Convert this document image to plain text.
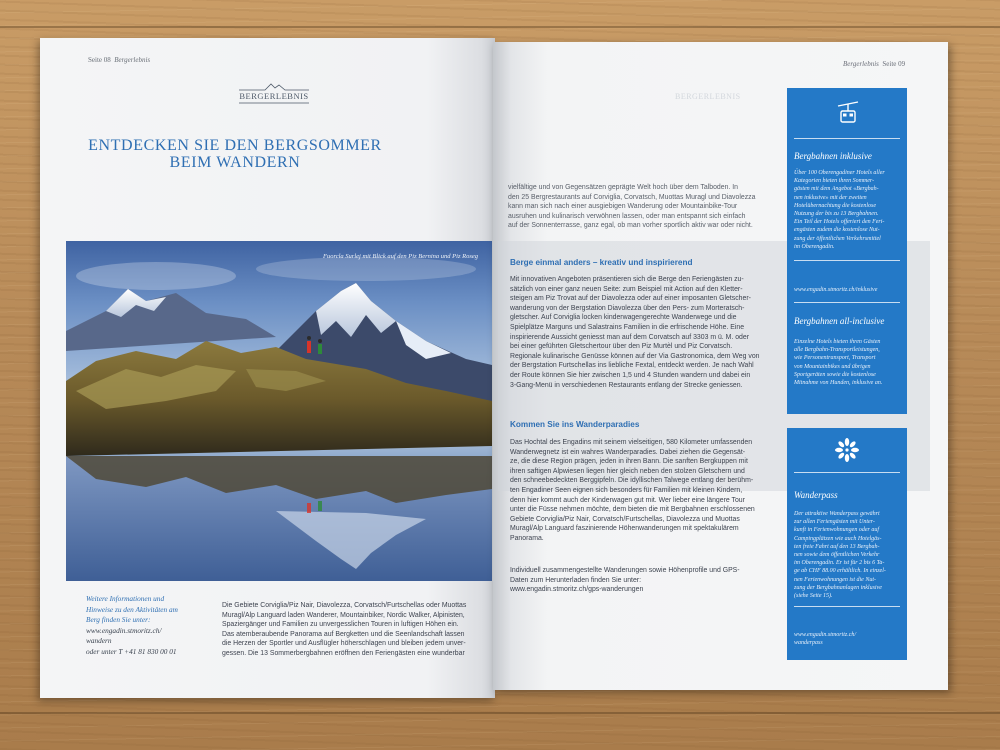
Seite 08 Bergerlebnis
BERGERLEBNIS
ENTDECKEN SIE DEN BERGSOMMER
BEIM WANDERN
Fuorcla Surlej mit Blick auf den Piz Bernina und Piz Roseg
Weitere Informationen und
Hinweise zu den Aktivitäten am
Berg finden Sie unter:
www.engadin.stmoritz.ch/
wandern
oder unter T +41 81 830 00 01
Die Gebiete Corviglia/Piz Nair, Diavolezza, Corvatsch/Furtschellas oder Muottas
Muragl/Alp Languard laden Wanderer, Mountainbiker, Nordic Walker, Alpinisten,
Spaziergänger und Familien zu unvergesslichen Touren in luftigen Höhen ein.
Das atemberaubende Panorama auf Bergketten und die Seenlandschaft lassen
die Herzen der Sportler und Ausflügler höherschlagen und bleiben jedem unver-
gessen. Die 13 Sommerbergbahnen eröffnen den Feriengästen eine wunderbar
Bergerlebnis Seite 09
BERGERLEBNIS
vielfältige und von Gegensätzen geprägte Welt hoch über dem Talboden. In
den 25 Bergrestaurants auf Corviglia, Corvatsch, Muottas Muragl und Diavolezza
kann man sich nach einer ausgiebigen Wanderung oder Mountainbike-Tour
ausruhen und kulinarisch verwöhnen lassen, oder man entspannt sich einfach
auf der Sonnenterrasse, ganz egal, ob man vorher sportlich aktiv war oder nicht.
Berge einmal anders – kreativ und inspirierend
Mit innovativen Angeboten präsentieren sich die Berge den Feriengästen zu-
sätzlich von einer ganz neuen Seite: zum Beispiel mit Action auf den Kletter-
steigen am Piz Trovat auf der Diavolezza oder auf einer imposanten Gletscher-
wanderung von der Bergstation Diavolezza über den Pers- zum Morteratsch-
gletscher. Auf Corviglia locken kinderwagengerechte Wanderwege und die
Spielplätze Marguns und Salastrains Familien in die erfrischende Höhe. Eine
inspirierende Aussicht geniesst man auf dem Corvatsch auf 3303 m ü. M. oder
bei einer geführten Gletschertour über den Piz Murtèl und Piz Corvatsch.
Regionale kulinarische Genüsse können auf der Via Gastronomica, dem Weg von
der Bergstation Furtschellas ins liebliche Fextal, entdeckt werden. Je nach Wahl
der Route können Sie hier zwischen 1,5 und 4 Stunden wandern und dabei ein
3-Gang-Menü in verschiedenen Restaurants entlang der Strecke geniessen.
Kommen Sie ins Wanderparadies
Das Hochtal des Engadins mit seinem vielseitigen, 580 Kilometer umfassenden
Wanderwegnetz ist ein wahres Wanderparadies. Dabei ziehen die Gegensät-
ze, die diese Region prägen, jeden in ihren Bann. Die sanften Bergkuppen mit
ihren saftigen Alpwiesen liegen hier gleich neben den stolzen Gletschern und
den schneebedeckten Berggipfeln. Die idyllischen Talwege entlang der berühm-
ten Engadiner Seen eignen sich besonders für Familien mit kleinen Kindern,
denn hier kommt auch der Kinderwagen gut mit. Wer lieber eine längere Tour
unter die Füsse nehmen möchte, dem bieten die mit Bergbahnen erschlossenen
Gebiete Corviglia/Piz Nair, Corvatsch/Furtschellas, Diavolezza und Muottas
Muragl/Alp Languard faszinierende Höhenwanderungen mit spektakulärem
Panorama.
Individuell zusammengestellte Wanderungen sowie Höhenprofile und GPS-
Daten zum Herunterladen finden Sie unter:
www.engadin.stmoritz.ch/gps-wanderungen
Bergbahnen inklusive
Über 100 Oberengadiner Hotels aller
Kategorien bieten ihren Sommer-
gästen mit dem Angebot «Bergbah-
nen inklusive» mit der zweiten
Hotelübernachtung die kostenlose
Nutzung der bis zu 13 Bergbahnen.
Ein Teil der Hotels offeriert den Feri-
engästen zudem die kostenlose Nut-
zung der öffentlichen Verkehrsmittel
im Oberengadin.
www.engadin.stmoritz.ch/inklusive
Bergbahnen all-inclusive
Einzelne Hotels bieten ihren Gästen
alle Bergbahn-Transportleistungen,
wie Personentransport, Transport
von Mountainbikes und übrigen
Sportgeräten sowie die kostenlose
Mitnahme von Hunden, inklusive an.
Wanderpass
Der attraktive Wanderpass gewährt
zur allen Feriengästen mit Unter-
kunft in Ferienwohnungen oder auf
Campingplätzen wie auch Hotelgäs-
ten freie Fahrt auf den 13 Bergbah-
nen sowie dem öffentlichen Verkehr
im Oberengadin. Er ist für 2 bis 6 Ta-
ge ab CHF 88.00 erhältlich. In einzel-
nen Ferienwohnungen ist die Nut-
zung der Bergbahnanlagen inklusive
(siehe Seite 15).
www.engadin.stmoritz.ch/
wanderpass
